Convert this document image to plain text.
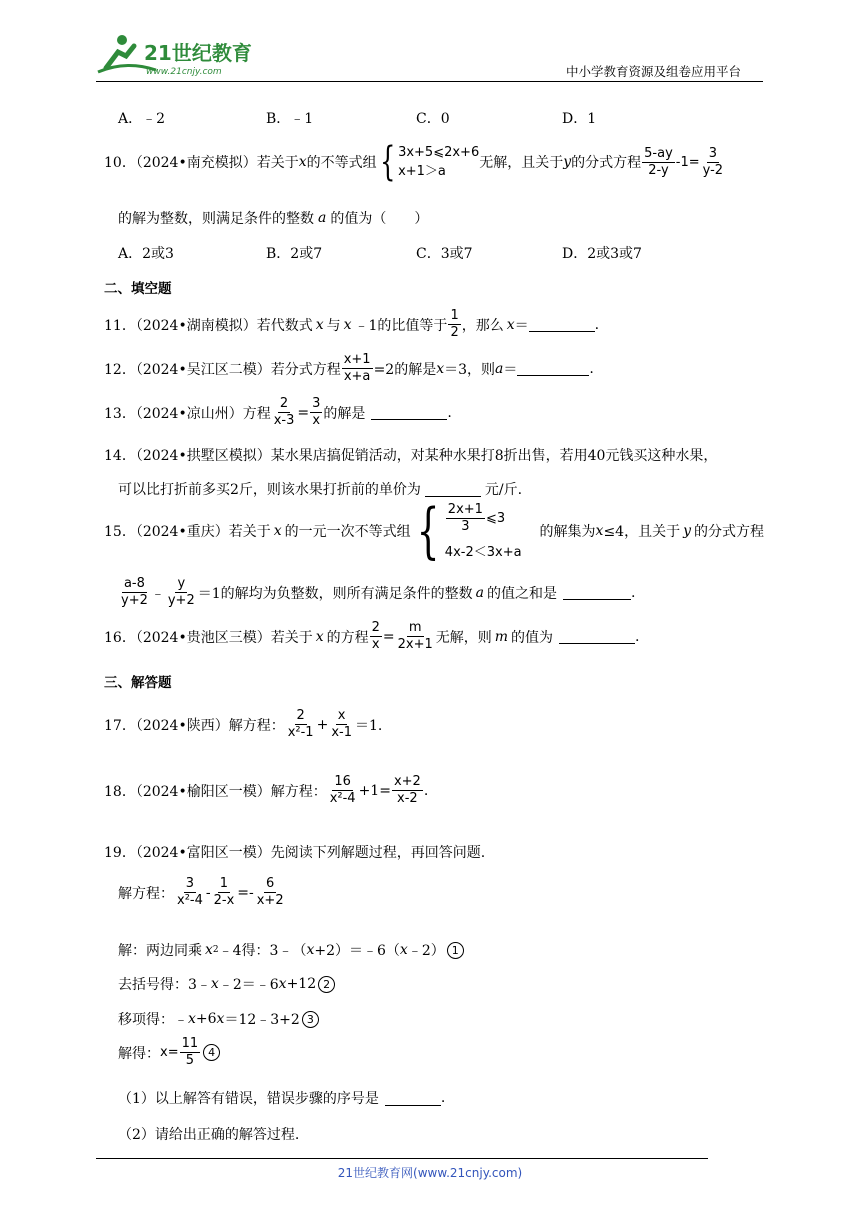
21世纪教育
www.21cnjy.com	中小学教育资源及组卷应用平台
A．﹣2	B．﹣1	C．0	D．1
10．（2024•南充模拟）若关于 x 的不等式组 { 3x+5⩽2x+6
x+1＞a
无解，且关于 y 的分式方程 $\frac{5-ay}{2-y} -1= \frac{3}{y-2}$
的解为整数，则满足条件的整数 a 的值为（　　）
A．2或3	B．2或7	C．3或7	D．2或3或7
二、填空题
11．（2024•湖南模拟）若代数式 x 与 x ﹣1的比值等于 $\frac{1}{2}$ ，那么 x ＝	.
12．（2024•吴江区二模）若分式方程 $\frac{x+1}{x+a} =2$的解是 x ＝3，则 a ＝	.
13．（2024•凉山州）方程 $\frac{2}{x-3} = \frac{3}{x}$ 的解是	.
14．（2024•拱墅区模拟）某水果店搞促销活动，对某种水果打8折出售，若用40元钱买这种水果，
可以比打折前多买2斤，则该水果打折前的单价为	元/斤.
15．（2024•重庆）若关于 x 的一元一次不等式组 { $\frac{2x+1}{3}$ ⩽3
4x-2＜3x+a
的解集为 x ≤4，且关于 y 的分式方程
$\frac{a-8}{y+2}$ ﹣ $\frac{y}{y+2} =1$的解均为负整数，则所有满足条件的整数 a 的值之和是	.
16．（2024•贵池区三模）若关于 x 的方程 $\frac{2}{x} = \frac{m}{2x+1}$ 无解，则 m 的值为	.
三、解答题
17．（2024•陕西）解方程： $\frac{2}{\text{x²-1}} + \frac{x}{x-1} =1$.
18．（2024•榆阳区一模）解方程： $\frac{16}{\text{x²-4}} +1= \frac{x+2}{x-2}$ .
19．（2024•富阳区一模）先阅读下列解题过程，再回答问题.
解方程： $\frac{3}{\text{x²-4}} - \frac{1}{2-x} =- \frac{6}{x+2}$
解：两边同乘 x 2 ﹣4得：3﹣（ x +2）＝﹣6（ x ﹣2） 1
去括号得：3﹣ x ﹣2＝﹣6 x +12 2
移项得：﹣ x +6 x ＝12﹣3+2 3
解得： $x= \frac{11}{5} 4$
（1）以上解答有错误，错误步骤的序号是	.
（2）请给出正确的解答过程.
21世纪教育网(www.21cnjy.com)
